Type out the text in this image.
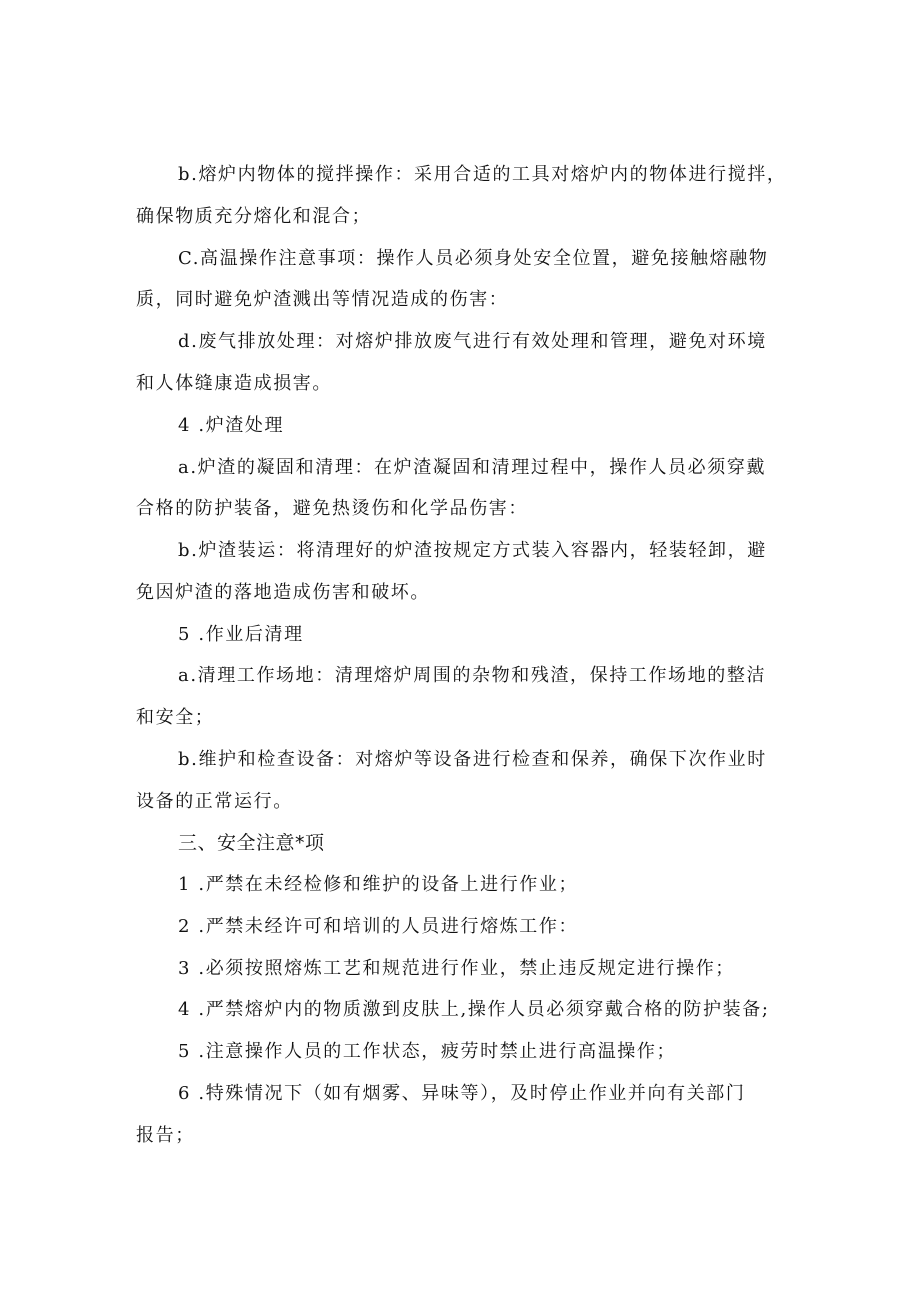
b.熔炉内物体的搅拌操作：采用合适的工具对熔炉内的物体进行搅拌，
确保物质充分熔化和混合；
C.高温操作注意事项：操作人员必须身处安全位置，避免接触熔融物
质，同时避免炉渣溅出等情况造成的伤害：
d.废气排放处理：对熔炉排放废气进行有效处理和管理，避免对环境
和人体缝康造成损害。
4 .炉渣处理
a.炉渣的凝固和清理：在炉渣凝固和清理过程中，操作人员必须穿戴
合格的防护装备，避免热烫伤和化学品伤害：
b.炉渣装运：将清理好的炉渣按规定方式装入容器内，轻装轻卸，避
免因炉渣的落地造成伤害和破坏。
5 .作业后清理
a.清理工作场地：清理熔炉周围的杂物和残渣，保持工作场地的整洁
和安全；
b.维护和检查设备：对熔炉等设备进行检查和保养，确保下次作业时
设备的正常运行。
三、安全注意*项
1 .严禁在未经检修和维护的设备上进行作业；
2 .严禁未经许可和培训的人员进行熔炼工作：
3 .必须按照熔炼工艺和规范进行作业，禁止违反规定进行操作；
4 .严禁熔炉内的物质激到皮肤上,操作人员必须穿戴合格的防护装备;
5 .注意操作人员的工作状态，疲劳时禁止进行高温操作；
6 .特殊情况下（如有烟雾、异味等），及时停止作业并向有关部门
报告；
